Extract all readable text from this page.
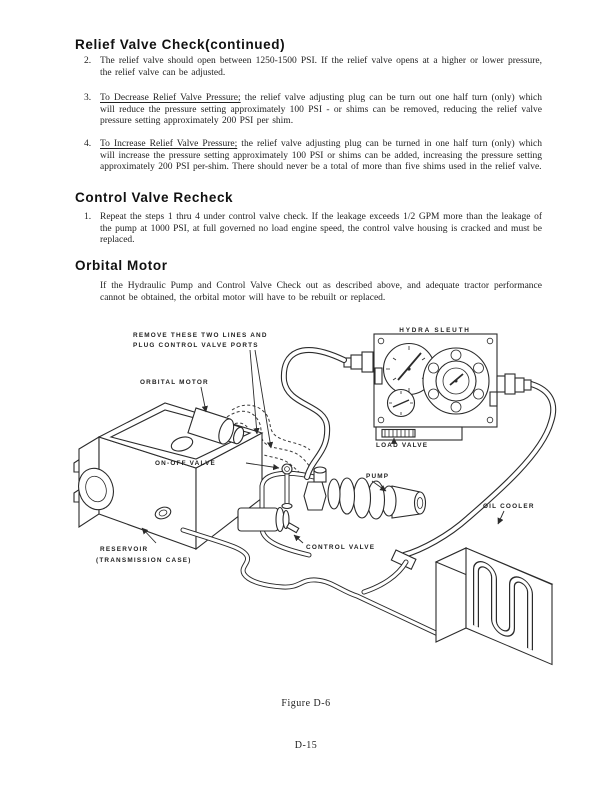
Relief Valve Check(continued)
2. The relief valve should open between 1250-1500 PSI. If the relief valve opens at a higher or lower pressure, the relief valve can be adjusted.
3. To Decrease Relief Valve Pressure; the relief valve adjusting plug can be turn out one half turn (only) which will reduce the pressure setting approximately 100 PSI - or shims can be removed, reducing the relief valve pressure setting approximately 200 PSI per shim.
4. To Increase Relief Valve Pressure; the relief valve adjusting plug can be turned in one half turn (only) which will increase the pressure setting approximately 100 PSI or shims can be added, increasing the pressure setting approximately 200 PSI per-shim. There should never be a total of more than five shims used in the relief valve.
Control Valve Recheck
1. Repeat the steps 1 thru 4 under control valve check. If the leakage exceeds 1/2 GPM more than the leakage of the pump at 1000 PSI, at full governed no load engine speed, the control valve housing is cracked and must be replaced.
Orbital Motor
If the Hydraulic Pump and Control Valve Check out as described above, and adequate tractor performance cannot be obtained, the orbital motor will have to be rebuilt or replaced.
REMOVE THESE TWO LINES AND
PLUG CONTROL VALVE PORTS
ORBITAL MOTOR
HYDRA SLEUTH
LOAD VALVE
ON-OFF VALVE
PUMP
CONTROL VALVE
RESERVOIR
(TRANSMISSION CASE)
OIL COOLER
Figure D-6
D-15
